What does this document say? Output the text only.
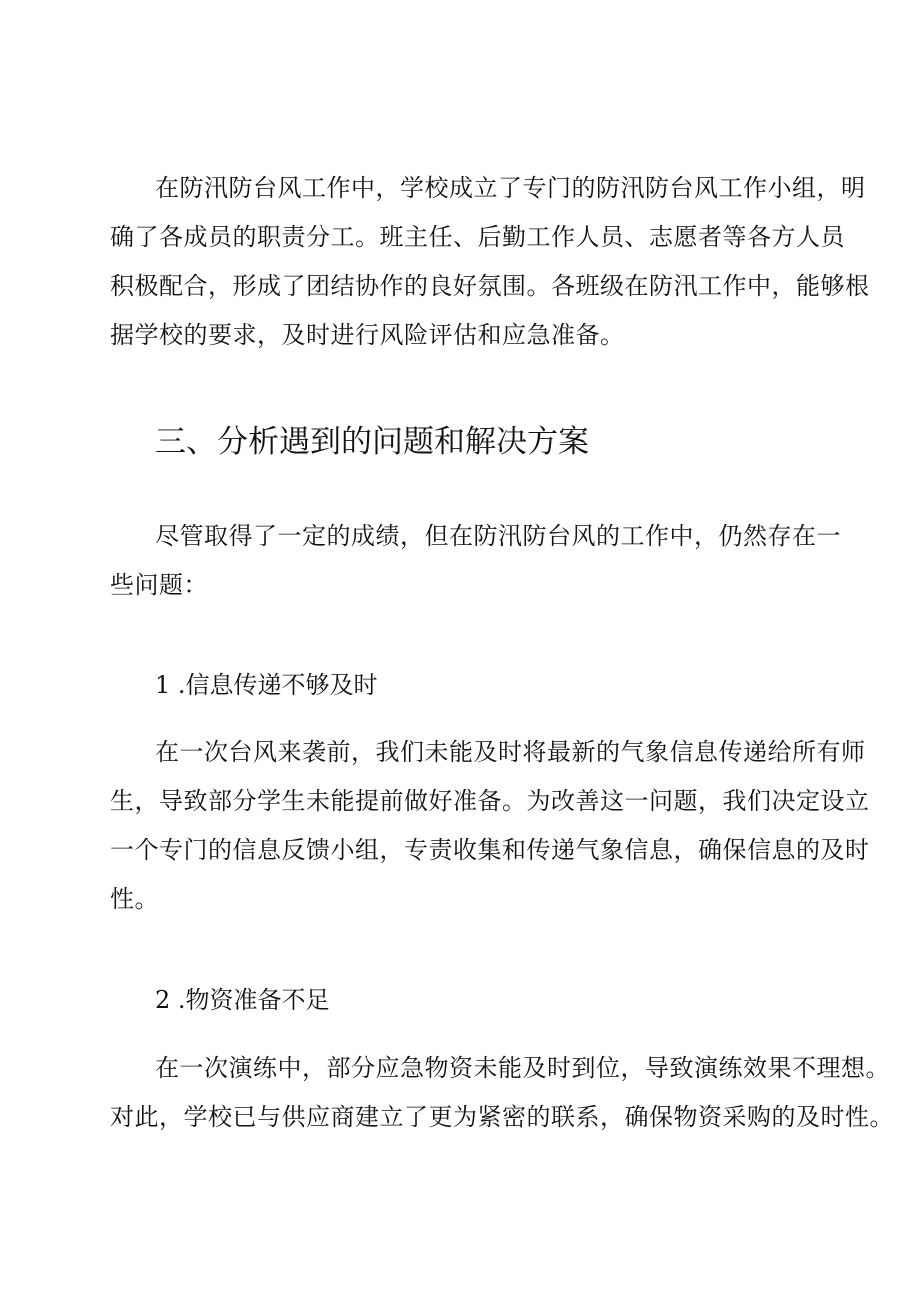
在防汛防台风工作中，学校成立了专门的防汛防台风工作小组，明
确了各成员的职责分工。班主任、后勤工作人员、志愿者等各方人员
积极配合，形成了团结协作的良好氛围。各班级在防汛工作中，能够根
据学校的要求，及时进行风险评估和应急准备。

三、分析遇到的问题和解决方案

尽管取得了一定的成绩，但在防汛防台风的工作中，仍然存在一
些问题：

1 .信息传递不够及时

在一次台风来袭前，我们未能及时将最新的气象信息传递给所有师
生，导致部分学生未能提前做好准备。为改善这一问题，我们决定设立
一个专门的信息反馈小组，专责收集和传递气象信息，确保信息的及时
性。

2 .物资准备不足

在一次演练中，部分应急物资未能及时到位，导致演练效果不理想。
对此，学校已与供应商建立了更为紧密的联系，确保物资采购的及时性。
